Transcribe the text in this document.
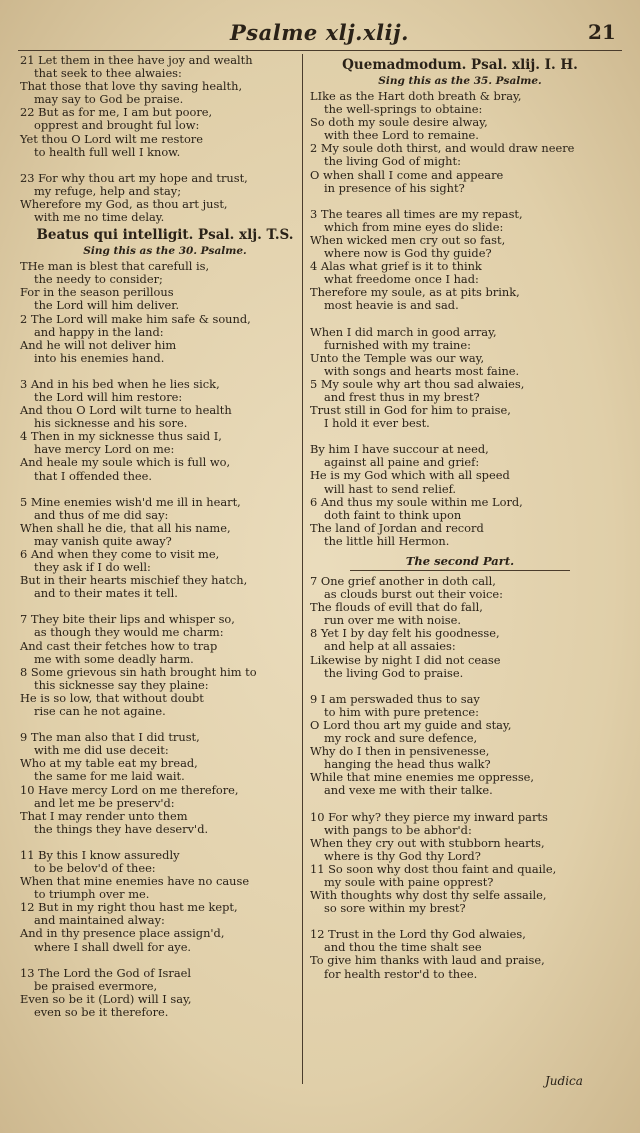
Psalme xlj.xlij.	21
21 Let them in thee have joy and wealth
that seek to thee alwaies:
That those that love thy saving health,
may say to God be praise.
22 But as for me, I am but poore,
opprest and brought ful low:
Yet thou O Lord wilt me restore
to health full well I know.
23 For why thou art my hope and trust,
my refuge, help and stay;
Wherefore my God, as thou art just,
with me no time delay.
Beatus qui intelligit. Psal. xlj. T.S.
Sing this as the 30. Psalme.
THe man is blest that carefull is,
the needy to consider;
For in the season perillous
the Lord will him deliver.
2 The Lord will make him safe & sound,
and happy in the land:
And he will not deliver him
into his enemies hand.
3 And in his bed when he lies sick,
the Lord will him restore:
And thou O Lord wilt turne to health
his sicknesse and his sore.
4 Then in my sicknesse thus said I,
have mercy Lord on me:
And heale my soule which is full wo,
that I offended thee.
5 Mine enemies wish'd me ill in heart,
and thus of me did say:
When shall he die, that all his name,
may vanish quite away?
6 And when they come to visit me,
they ask if I do well:
But in their hearts mischief they hatch,
and to their mates it tell.
7 They bite their lips and whisper so,
as though they would me charm:
And cast their fetches how to trap
me with some deadly harm.
8 Some grievous sin hath brought him to
this sicknesse say they plaine:
He is so low, that without doubt
rise can he not againe.
9 The man also that I did trust,
with me did use deceit:
Who at my table eat my bread,
the same for me laid wait.
10 Have mercy Lord on me therefore,
and let me be preserv'd:
That I may render unto them
the things they have deserv'd.
11 By this I know assuredly
to be belov'd of thee:
When that mine enemies have no cause
to triumph over me.
12 But in my right thou hast me kept,
and maintained alway:
And in thy presence place assign'd,
where I shall dwell for aye.
13 The Lord the God of Israel
be praised evermore,
Even so be it (Lord) will I say,
even so be it therefore.
Quemadmodum. Psal. xlij. I. H.
Sing this as the 35. Psalme.
LIke as the Hart doth breath & bray,
the well-springs to obtaine:
So doth my soule desire alway,
with thee Lord to remaine.
2 My soule doth thirst, and would draw neere
the living God of might:
O when shall I come and appeare
in presence of his sight?
3 The teares all times are my repast,
which from mine eyes do slide:
When wicked men cry out so fast,
where now is God thy guide?
4 Alas what grief is it to think
what freedome once I had:
Therefore my soule, as at pits brink,
most heavie is and sad.
When I did march in good array,
furnished with my traine:
Unto the Temple was our way,
with songs and hearts most faine.
5 My soule why art thou sad alwaies,
and frest thus in my brest?
Trust still in God for him to praise,
I hold it ever best.
By him I have succour at need,
against all paine and grief:
He is my God which with all speed
will hast to send relief.
6 And thus my soule within me Lord,
doth faint to think upon
The land of Jordan and record
the little hill Hermon.
The second Part.
7 One grief another in doth call,
as clouds burst out their voice:
The flouds of evill that do fall,
run over me with noise.
8 Yet I by day felt his goodnesse,
and help at all assaies:
Likewise by night I did not cease
the living God to praise.
9 I am perswaded thus to say
to him with pure pretence:
O Lord thou art my guide and stay,
my rock and sure defence,
Why do I then in pensivenesse,
hanging the head thus walk?
While that mine enemies me oppresse,
and vexe me with their talke.
10 For why? they pierce my inward parts
with pangs to be abhor'd:
When they cry out with stubborn hearts,
where is thy God thy Lord?
11 So soon why dost thou faint and quaile,
my soule with paine opprest?
With thoughts why dost thy selfe assaile,
so sore within my brest?
12 Trust in the Lord thy God alwaies,
and thou the time shalt see
To give him thanks with laud and praise,
for health restor'd to thee.
Judica
